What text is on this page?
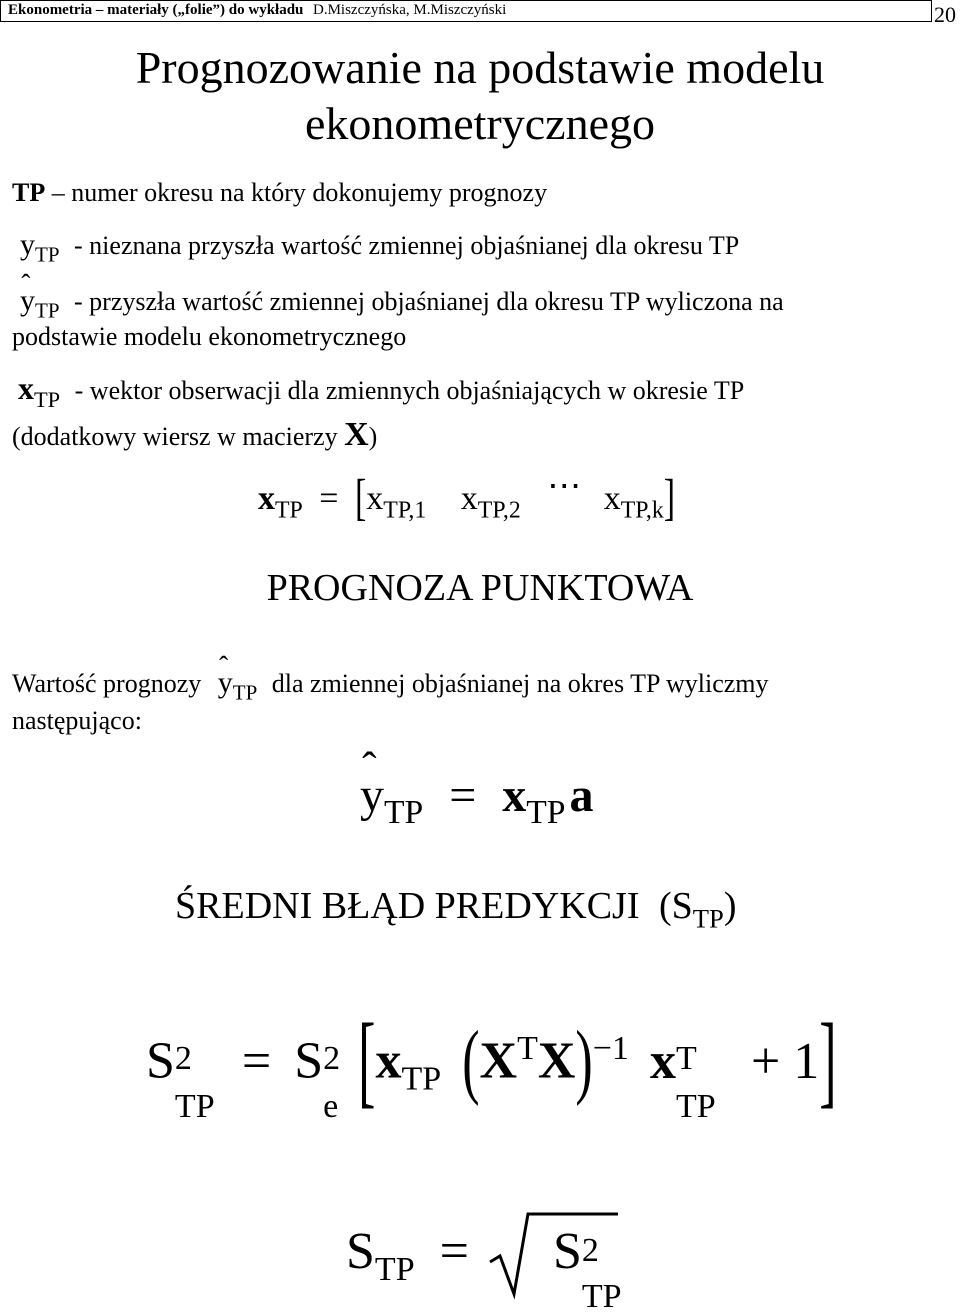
Ekonometria – materiały („folie”) do wykładu D.Miszczyńska, M.Miszczyński	20
Prognozowanie na podstawie modelu
ekonometrycznego
TP – numer okresu na który dokonujemy prognozy
$y_{TP}$ - nieznana przyszła wartość zmiennej objaśnianej dla okresu TP
ˆ $y_{TP}$ - przyszła wartość zmiennej objaśnianej dla okresu TP wyliczona na
podstawie modelu ekonometrycznego
$x_{TP}$ - wektor obserwacji dla zmiennych objaśniających w okresie TP
(dodatkowy wiersz w macierzy X)
$x_{TP} = [x_{TP,1}$ $x_{TP,2}$ ⋯ $x_{TP,k}$]
PROGNOZA PUNKTOWA
Wartość prognozy ˆ $y_{TP}$ dla zmiennej objaśnianej na okres TP wyliczmy
następująco:
ˆ $y_{TP} = x_{TP}a$
ŚREDNI BŁĄD PREDYKCJI $(S_{TP})$
S 2
TP
= S 2
e [$x_{TP}$ $(X^TX)^{-1}$ x T
TP
+ 1]
$S_{TP} = S$ 2
TP
